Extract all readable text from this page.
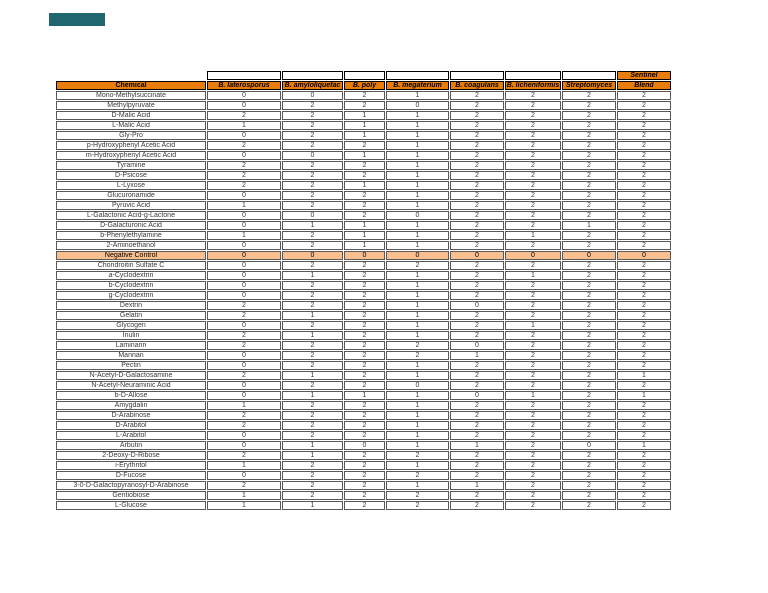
								Sentinel
Chemical	B. laterosporus	B. amyloliquefac	B. poly	B. megaterium	B. coagulans	B. licheniformis	Streptomyces	Blend
Mono-Methylsuccinate	0	0	2	1	2	2	2	2
Methylpyruvate	0	2	2	0	2	2	2	2
D-Malic Acid	2	2	1	1	2	2	2	2
L-Malic Acid	1	2	1	1	2	2	2	2
Gly-Pro	0	2	1	1	2	2	2	2
p-Hydroxyphenyl Acetic Acid	2	2	2	1	2	2	2	2
m-Hydroxyphenyl Acetic Acid	0	0	1	1	2	2	2	2
Tyramine	2	2	2	1	2	2	2	2
D-Psicose	2	2	2	1	2	2	2	2
L-Lyxose	2	2	1	1	2	2	2	2
Glucuronamide	0	2	2	1	2	2	2	2
Pyruvic Acid	1	2	2	1	2	2	2	2
L-Galactonic Acid-g-Lactone	0	0	2	0	2	2	2	2
D-Galacturonic Acid	0	1	1	1	2	2	1	2
b-Phenylethylamine	1	2	1	1	2	1	2	2
2-Aminoethanol	0	2	1	1	2	2	2	2
Negative Control	0	0	0	0	0	0	0	0
Chondroitin Sulfate C	0	2	2	2	2	2	2	2
a-Cyclodextrin	0	1	2	1	2	1	2	2
b-Cyclodextrin	0	2	2	1	2	2	2	2
g-Cyclodextrin	0	2	2	1	2	2	2	2
Dextrin	2	2	2	1	0	2	2	2
Gelatin	2	1	2	1	2	2	2	2
Glycogen	0	2	2	1	2	1	2	2
Inulin	2	1	2	1	2	2	2	2
Laminarin	2	2	2	2	0	2	2	2
Mannan	0	2	2	2	1	2	2	2
Pectin	0	2	2	1	2	2	2	2
N-Acetyl-D-Galactosamine	2	1	2	1	2	2	2	1
N-Acetyl-Neuraminic Acid	0	2	2	0	2	2	2	2
b-D-Allose	0	1	1	1	0	1	2	1
Amygdalin	1	2	2	1	2	2	2	2
D-Arabinose	2	2	2	1	2	2	2	2
D-Arabitol	2	2	2	1	2	2	2	2
L-Arabitol	0	2	2	1	2	2	2	2
Arbutin	0	1	0	1	1	2	0	1
2-Deoxy-D-Ribose	2	1	2	2	2	2	2	2
i-Erythritol	1	2	2	1	2	2	2	2
D-Fucose	0	2	2	2	2	2	2	2
3-0-D-Galactopyranosyl-D-Arabinose	2	2	2	1	1	2	2	2
Gentiobiose	1	2	2	2	2	2	2	2
L-Glucose	1	1	2	2	2	2	2	2
